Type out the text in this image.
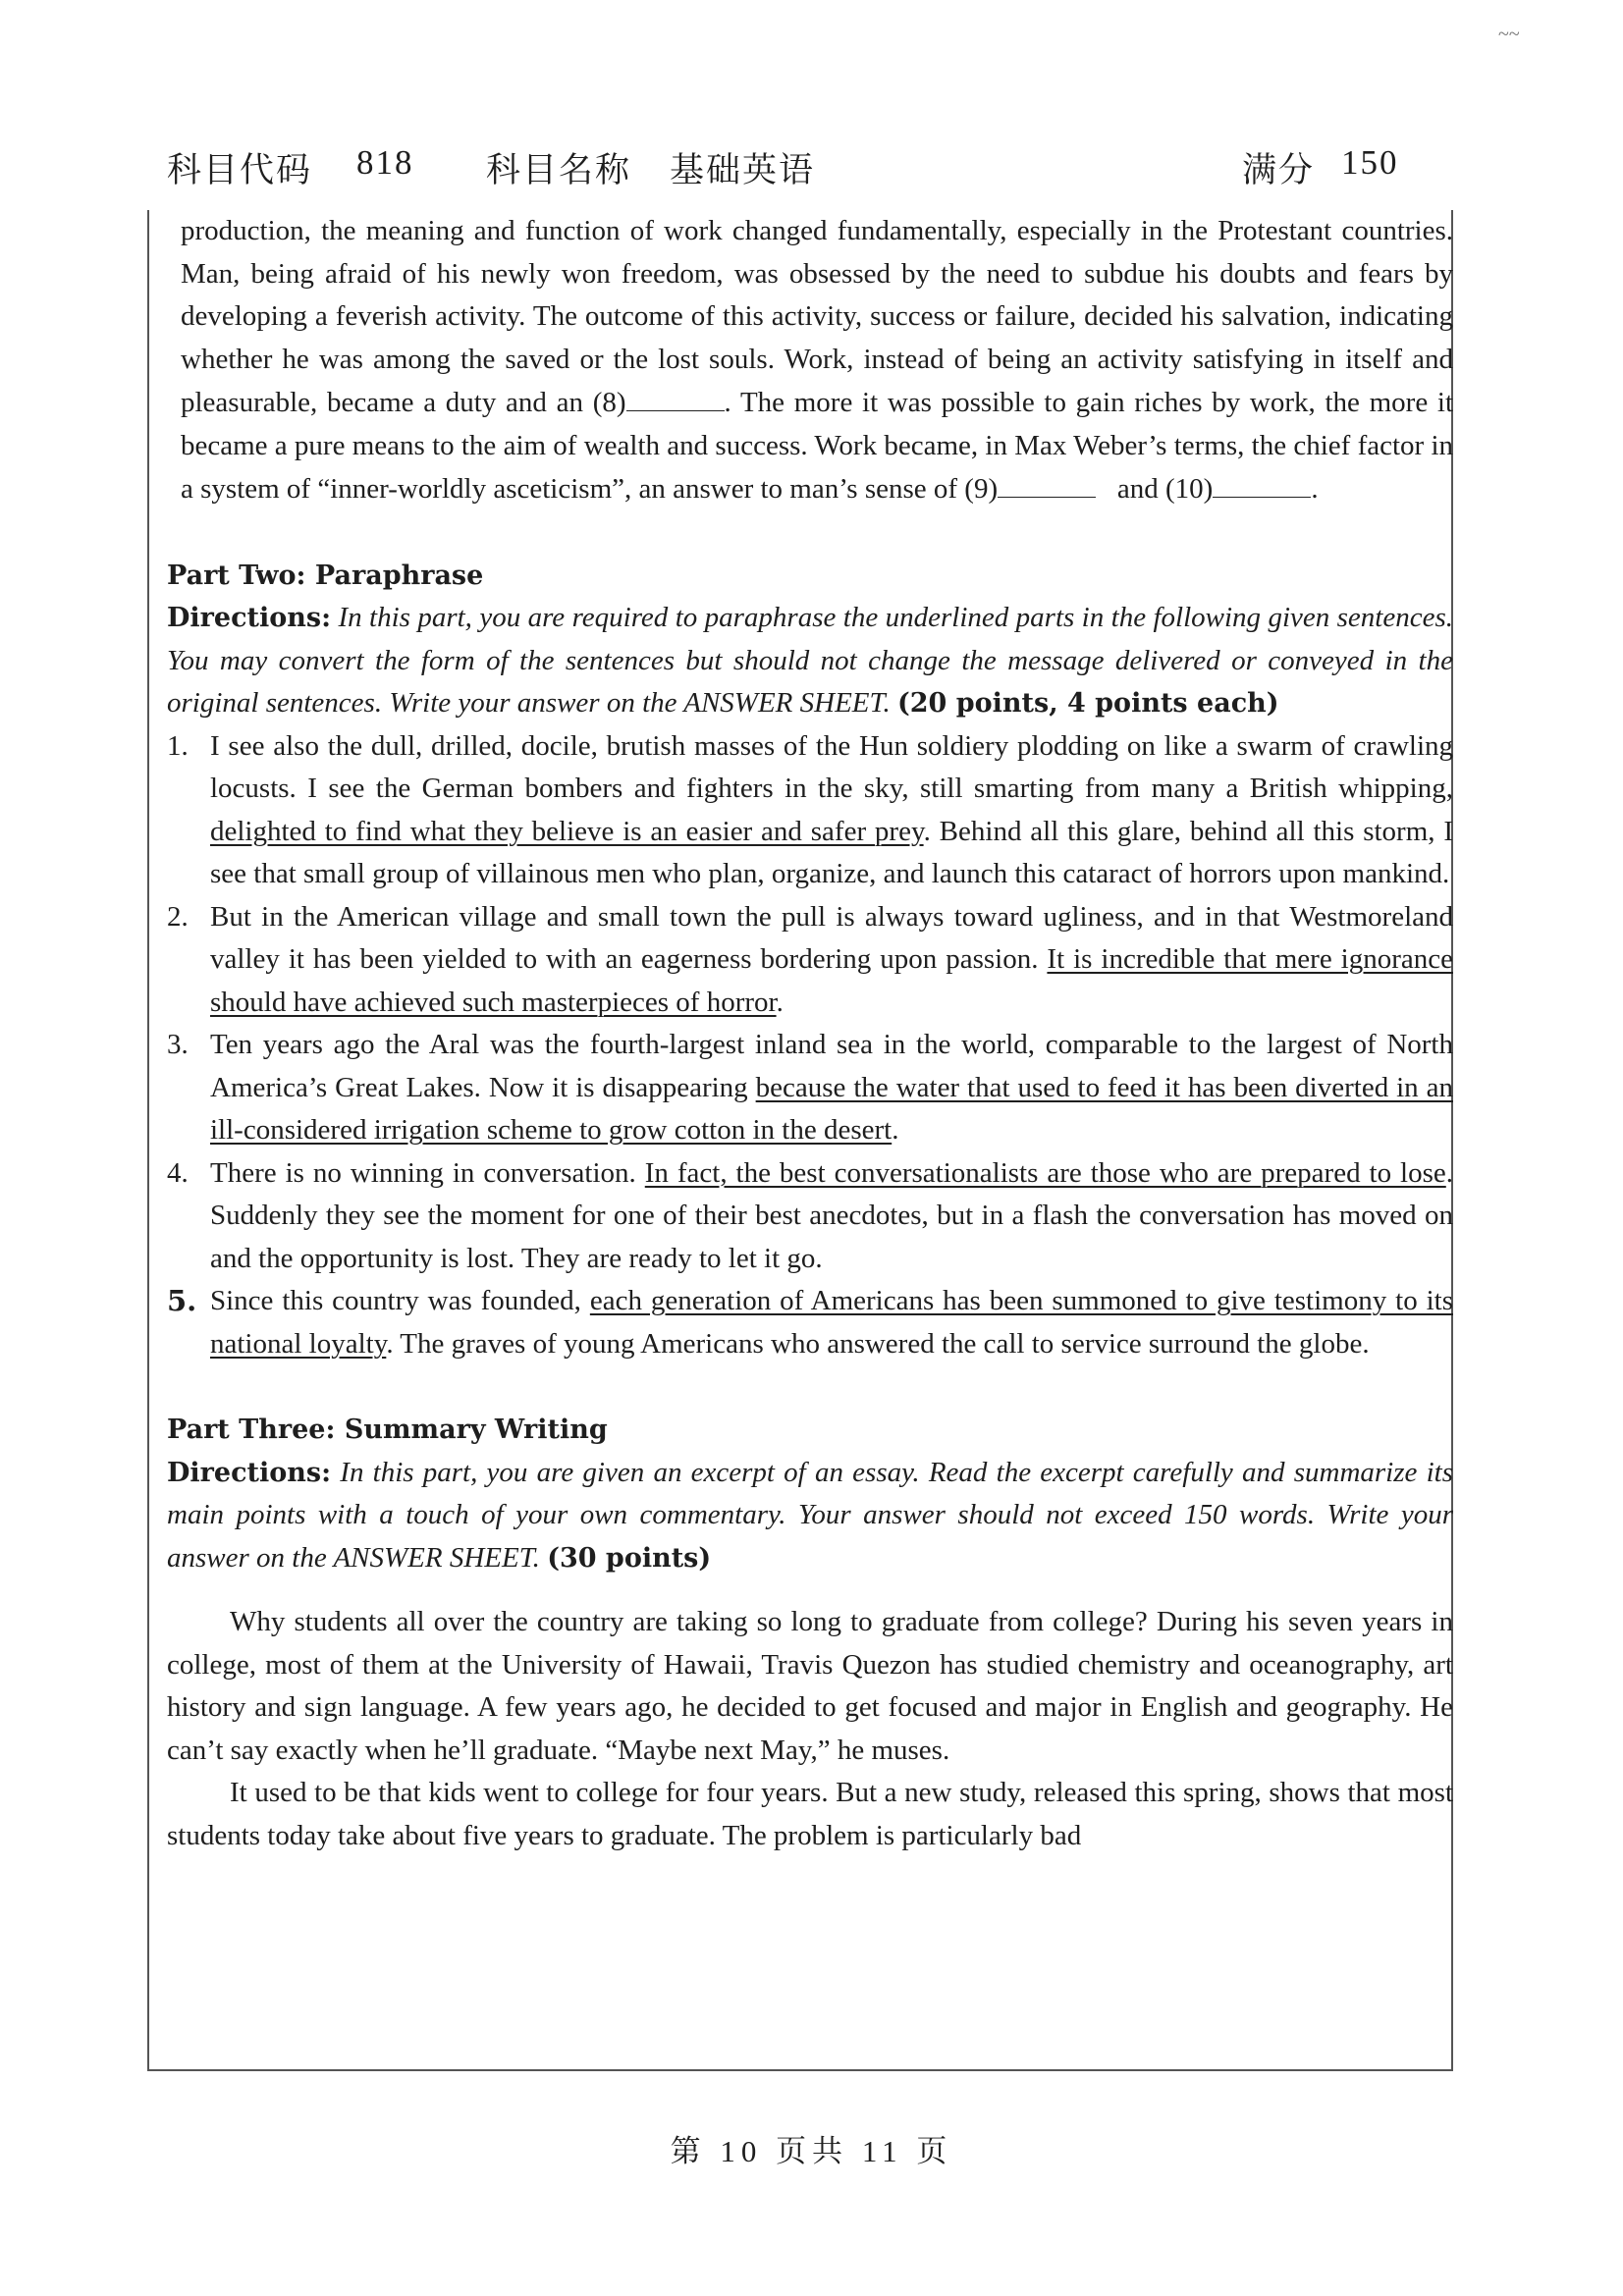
~~
科目代码 818 科目名称 基础英语	满分 150

production, the meaning and function of work changed fundamentally, especially in the Protestant countries. Man, being afraid of his newly won freedom, was obsessed by the need to subdue his doubts and fears by developing a feverish activity. The outcome of this activity, success or failure, decided his salvation, indicating whether he was among the saved or the lost souls. Work, instead of being an activity satisfying in itself and pleasurable, became a duty and an (8)	. The more it was possible to gain riches by work, the more it became a pure means to the aim of wealth and success. Work became, in Max Weber’s terms, the chief factor in a system of “inner-worldly asceticism”, an answer to man’s sense of (9)	and (10)	.

Part Two: Paraphrase

Directions: In this part, you are required to paraphrase the underlined parts in the following given sentences. You may convert the form of the sentences but should not change the message delivered or conveyed in the original sentences. Write your answer on the ANSWER SHEET. (20 points, 4 points each)

1. I see also the dull, drilled, docile, brutish masses of the Hun soldiery plodding on like a swarm of crawling locusts. I see the German bombers and fighters in the sky, still smarting from many a British whipping, delighted to find what they believe is an easier and safer prey. Behind all this glare, behind all this storm, I see that small group of villainous men who plan, organize, and launch this cataract of horrors upon mankind.
2. But in the American village and small town the pull is always toward ugliness, and in that Westmoreland valley it has been yielded to with an eagerness bordering upon passion. It is incredible that mere ignorance should have achieved such masterpieces of horror.
3. Ten years ago the Aral was the fourth-largest inland sea in the world, comparable to the largest of North America’s Great Lakes. Now it is disappearing because the water that used to feed it has been diverted in an ill-considered irrigation scheme to grow cotton in the desert.
4. There is no winning in conversation. In fact, the best conversationalists are those who are prepared to lose. Suddenly they see the moment for one of their best anecdotes, but in a flash the conversation has moved on and the opportunity is lost. They are ready to let it go.
5. Since this country was founded, each generation of Americans has been summoned to give testimony to its national loyalty. The graves of young Americans who answered the call to service surround the globe.

Part Three: Summary Writing

Directions: In this part, you are given an excerpt of an essay. Read the excerpt carefully and summarize its main points with a touch of your own commentary. Your answer should not exceed 150 words. Write your answer on the ANSWER SHEET. (30 points)

Why students all over the country are taking so long to graduate from college? During his seven years in college, most of them at the University of Hawaii, Travis Quezon has studied chemistry and oceanography, art history and sign language. A few years ago, he decided to get focused and major in English and geography. He can’t say exactly when he’ll graduate. “Maybe next May,” he muses.

It used to be that kids went to college for four years. But a new study, released this spring, shows that most students today take about five years to graduate. The problem is particularly bad

第 10 页共 11 页
